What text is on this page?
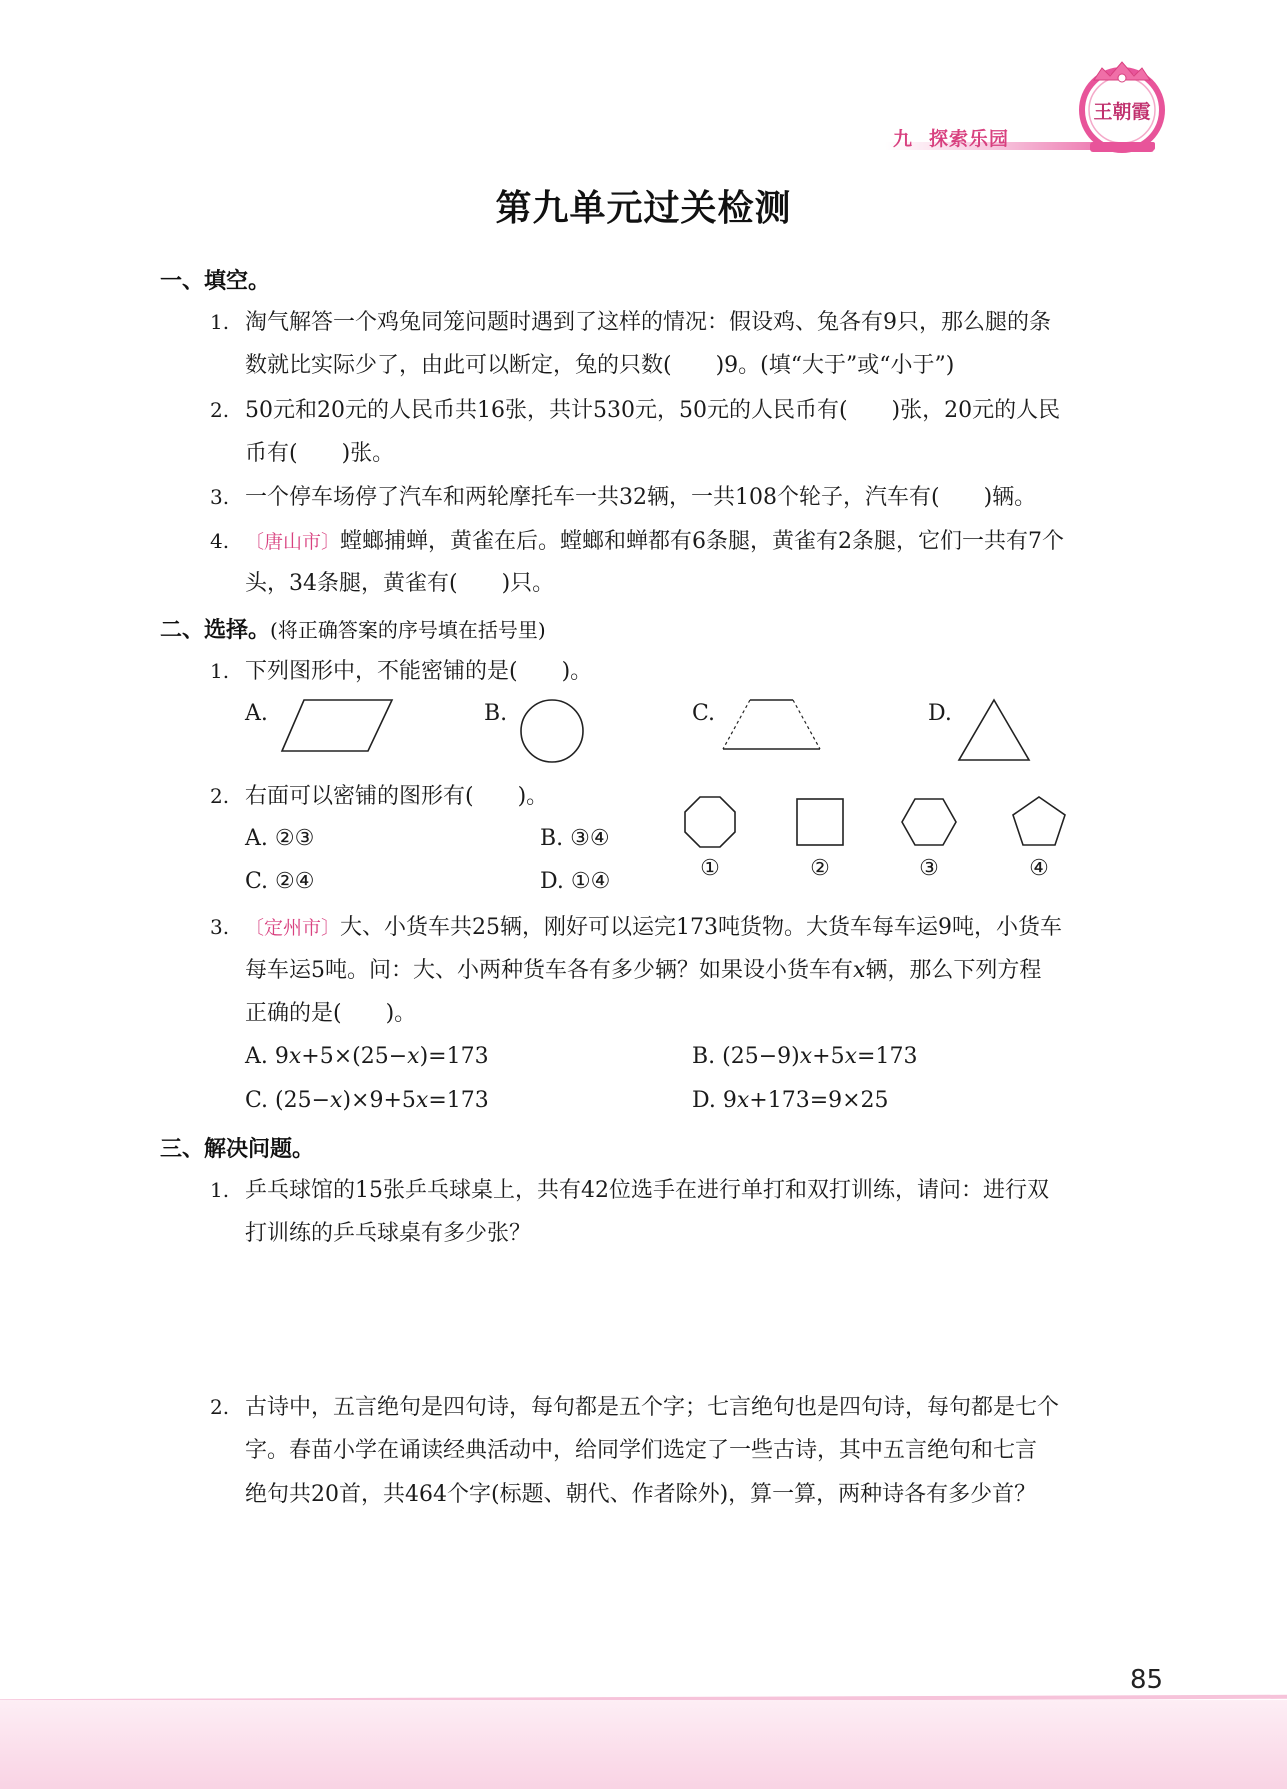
九 探索乐园
王朝霞
第九单元过关检测
一、填空。
1. 淘气解答一个鸡兔同笼问题时遇到了这样的情况：假设鸡、兔各有9只，那么腿的条
数就比实际少了，由此可以断定，兔的只数(　　)9。(填“大于”或“小于”)
2. 50元和20元的人民币共16张，共计530元，50元的人民币有(　　)张，20元的人民
币有(　　)张。
3. 一个停车场停了汽车和两轮摩托车一共32辆，一共108个轮子，汽车有(　　)辆。
4. 〔唐山市〕螳螂捕蝉，黄雀在后。螳螂和蝉都有6条腿，黄雀有2条腿，它们一共有7个
头，34条腿，黄雀有(　　)只。
二、选择。(将正确答案的序号填在括号里)
1. 下列图形中，不能密铺的是(　　)。
A.	B.	C.	D.
2. 右面可以密铺的图形有(　　)。
A. ②③	B. ③④
C. ②④	D. ①④
①	②	③	④
3. 〔定州市〕大、小货车共25辆，刚好可以运完173吨货物。大货车每车运9吨，小货车
每车运5吨。问：大、小两种货车各有多少辆？如果设小货车有x辆，那么下列方程
正确的是(　　)。
A. 9x+5×(25−x)=173	B. (25−9)x+5x=173
C. (25−x)×9+5x=173	D. 9x+173=9×25
三、解决问题。
1. 乒乓球馆的15张乒乓球桌上，共有42位选手在进行单打和双打训练，请问：进行双
打训练的乒乓球桌有多少张？
2. 古诗中，五言绝句是四句诗，每句都是五个字；七言绝句也是四句诗，每句都是七个
字。春苗小学在诵读经典活动中，给同学们选定了一些古诗，其中五言绝句和七言
绝句共20首，共464个字(标题、朝代、作者除外)，算一算，两种诗各有多少首？
85
